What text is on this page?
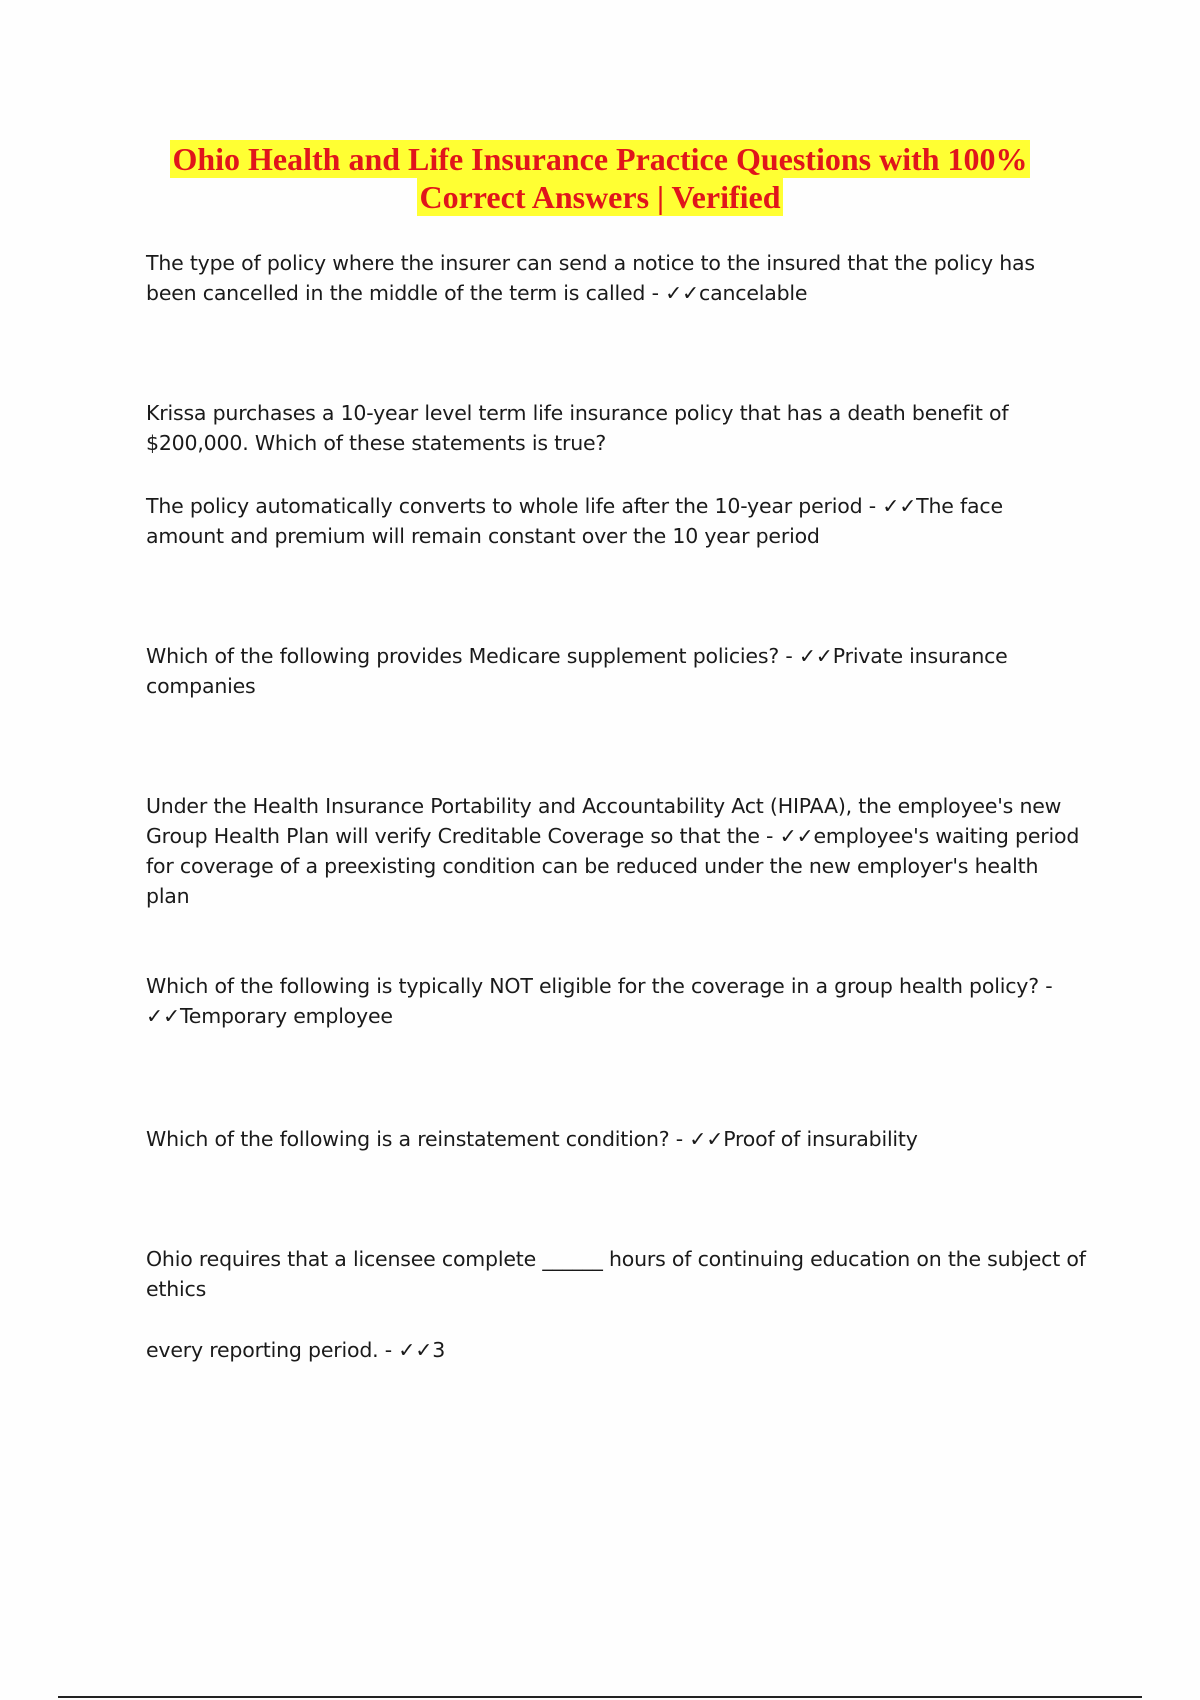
Ohio Health and Life Insurance Practice Questions with 100%
Correct Answers | Verified

The type of policy where the insurer can send a notice to the insured that the policy has been cancelled in the middle of the term is called - ✓✓cancelable

Krissa purchases a 10-year level term life insurance policy that has a death benefit of $200,000. Which of these statements is true?

The policy automatically converts to whole life after the 10-year period - ✓✓The face amount and premium will remain constant over the 10 year period

Which of the following provides Medicare supplement policies? - ✓✓Private insurance companies

Under the Health Insurance Portability and Accountability Act (HIPAA), the employee's new Group Health Plan will verify Creditable Coverage so that the - ✓✓employee's waiting period for coverage of a preexisting condition can be reduced under the new employer's health plan

Which of the following is typically NOT eligible for the coverage in a group health policy? - ✓✓Temporary employee

Which of the following is a reinstatement condition? - ✓✓Proof of insurability

Ohio requires that a licensee complete ______ hours of continuing education on the subject of ethics

every reporting period. - ✓✓3
